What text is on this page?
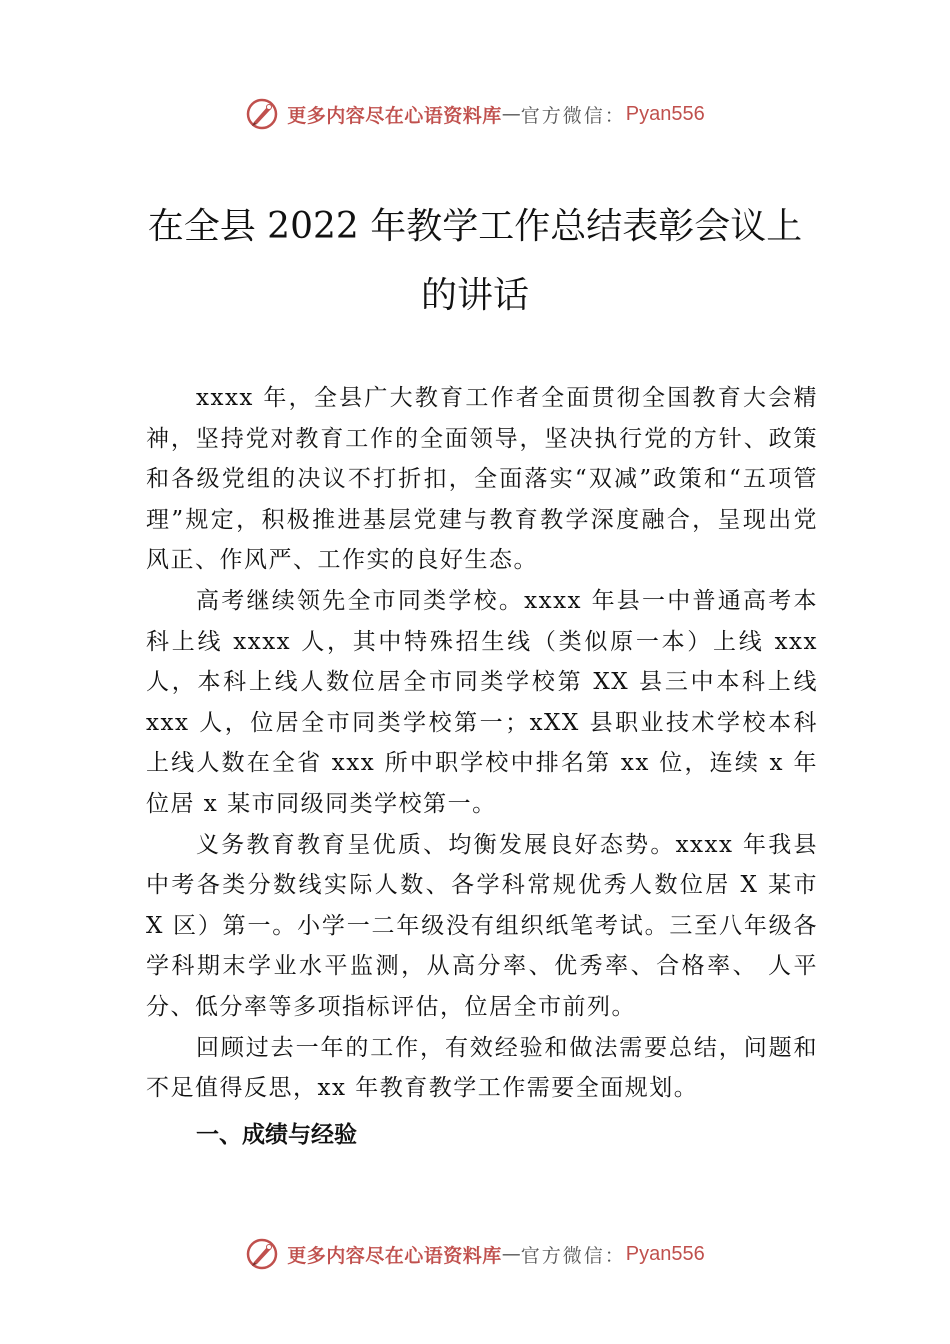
更多内容尽在心语资料库 — 官方微信： Pyan556
在全县 2022 年教学工作总结表彰会议上
的讲话

xxxx 年，全县广大教育工作者全面贯彻全国教育大会精神，坚持党对教育工作的全面领导，坚决执行党的方针、政策和各级党组的决议不打折扣，全面落实“双减”政策和“五项管理”规定，积极推进基层党建与教育教学深度融合，呈现出党风正、作风严、工作实的良好生态。

高考继续领先全市同类学校。xxxx 年县一中普通高考本科上线 xxxx 人，其中特殊招生线（类似原一本）上线 xxx 人，本科上线人数位居全市同类学校第 XX 县三中本科上线 xxx 人，位居全市同类学校第一；xXX 县职业技术学校本科上线人数在全省 xxx 所中职学校中排名第 xx 位，连续 x 年位居 x 某市同级同类学校第一。

义务教育教育呈优质、均衡发展良好态势。xxxx 年我县中考各类分数线实际人数、各学科常规优秀人数位居 X 某市 X 区）第一。小学一二年级没有组织纸笔考试。三至八年级各学科期末学业水平监测，从高分率、优秀率、合格率、 人平分、低分率等多项指标评估，位居全市前列。

回顾过去一年的工作，有效经验和做法需要总结，问题和不足值得反思，xx 年教育教学工作需要全面规划。

一、成绩与经验
更多内容尽在心语资料库 — 官方微信： Pyan556
